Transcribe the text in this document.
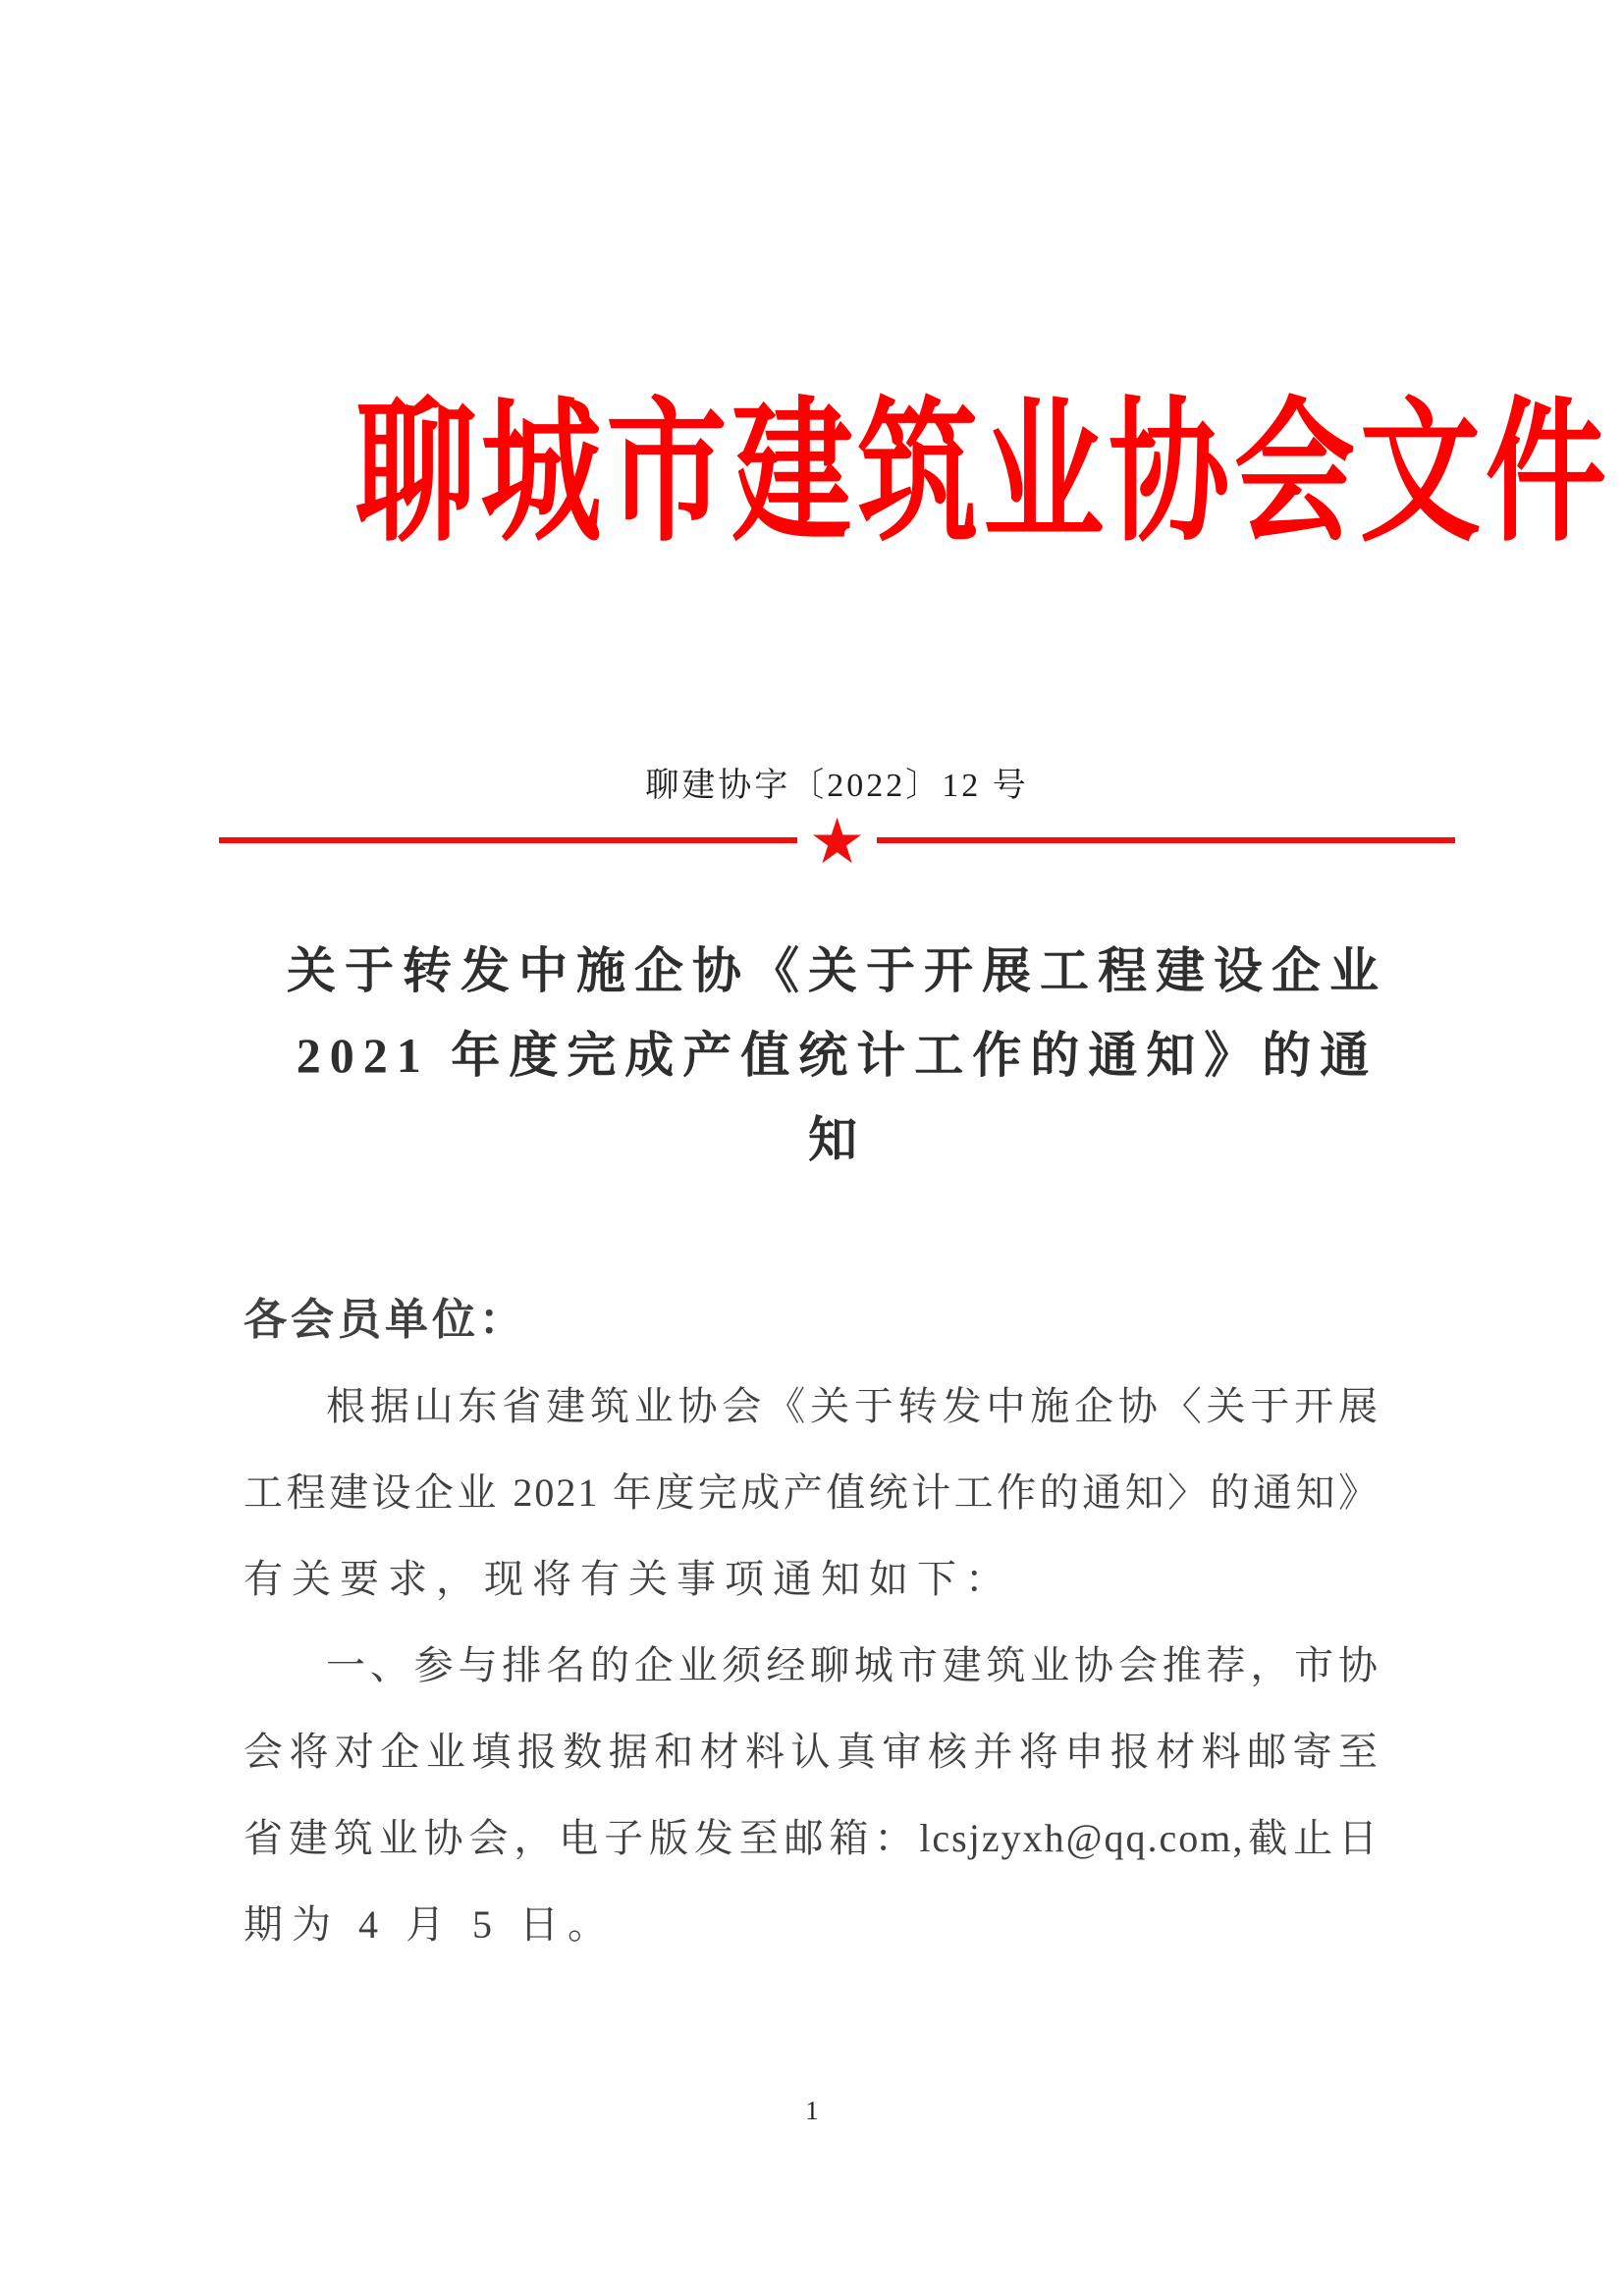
聊城市建筑业协会文件
聊建协字〔2022〕12 号
★
关于转发中施企协《关于开展工程建设企业
2021 年度完成产值统计工作的通知》的通
知
各会员单位：
根据山东省建筑业协会《关于转发中施企协〈关于开展
工程建设企业 2021 年度完成产值统计工作的通知〉的通知》
有关要求，现将有关事项通知如下：
一、参与排名的企业须经聊城市建筑业协会推荐，市协
会将对企业填报数据和材料认真审核并将申报材料邮寄至
省建筑业协会，电子版发至邮箱：lcsjzyxh@qq.com,截止日
期为 4 月 5 日。
1
